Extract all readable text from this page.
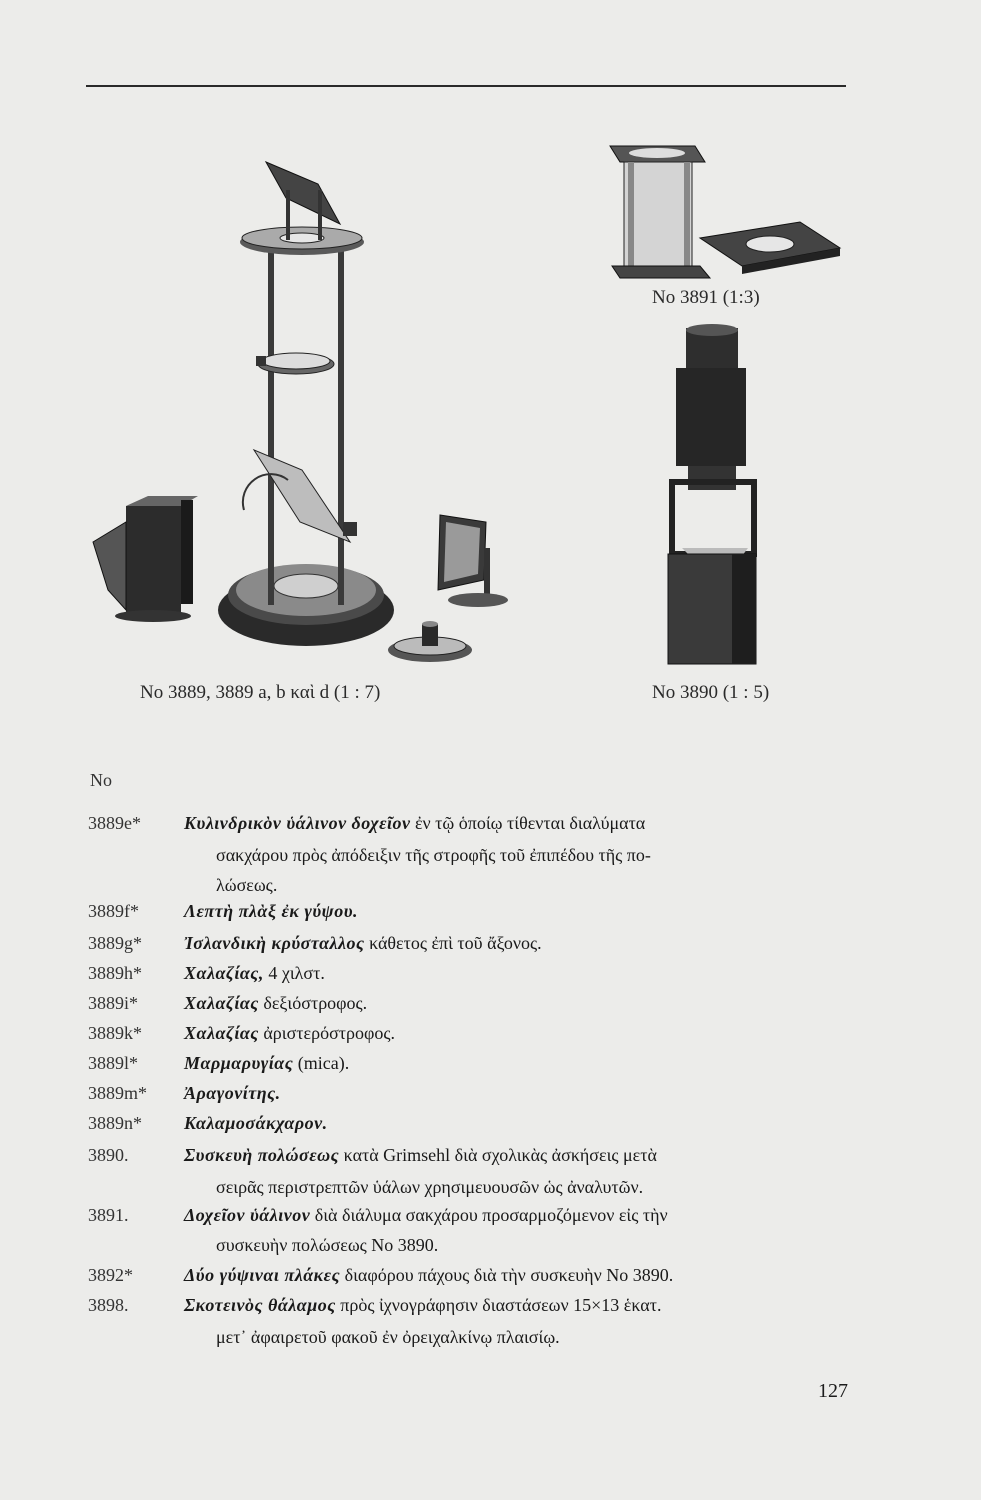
No 3889, 3889 a, b καὶ d (1 : 7)
No 3891 (1:3)
No 3890 (1 : 5)
No
3889e*	Κυλινδρικὸν ὑάλινον δοχεῖον ἐν τῷ ὁποίῳ τίθενται διαλύματα
σακχάρου πρὸς ἀπόδειξιν τῆς στροφῆς τοῦ ἐπιπέδου τῆς πο-
λώσεως.
3889f*	Λεπτὴ πλὰξ ἐκ γύψου.
3889g*	Ἰσλανδικὴ κρύσταλλος κάθετος ἐπὶ τοῦ ἄξονος.
3889h*	Χαλαζίας, 4 χιλστ.
3889i*	Χαλαζίας δεξιόστροφος.
3889k*	Χαλαζίας ἀριστερόστροφος.
3889l*	Μαρμαρυγίας (mica).
3889m*	Ἀραγονίτης.
3889n*	Καλαμοσάκχαρον.
3890.	Συσκευὴ πολώσεως κατὰ Grimsehl διὰ σχολικὰς ἀσκήσεις μετὰ
σειρᾶς περιστρεπτῶν ὑάλων χρησιμευουσῶν ὡς ἀναλυτῶν.
3891.	Δοχεῖον ὑάλινον διὰ διάλυμα σακχάρου προσαρμοζόμενον εἰς τὴν
συσκευὴν πολώσεως No 3890.
3892*	Δύο γύψιναι πλάκες διαφόρου πάχους διὰ τὴν συσκευὴν No 3890.
3898.	Σκοτεινὸς θάλαμος πρὸς ἰχνογράφησιν διαστάσεων 15×13 ἑκατ.
μετ᾽ ἀφαιρετοῦ φακοῦ ἐν ὀρειχαλκίνῳ πλαισίῳ.
127
